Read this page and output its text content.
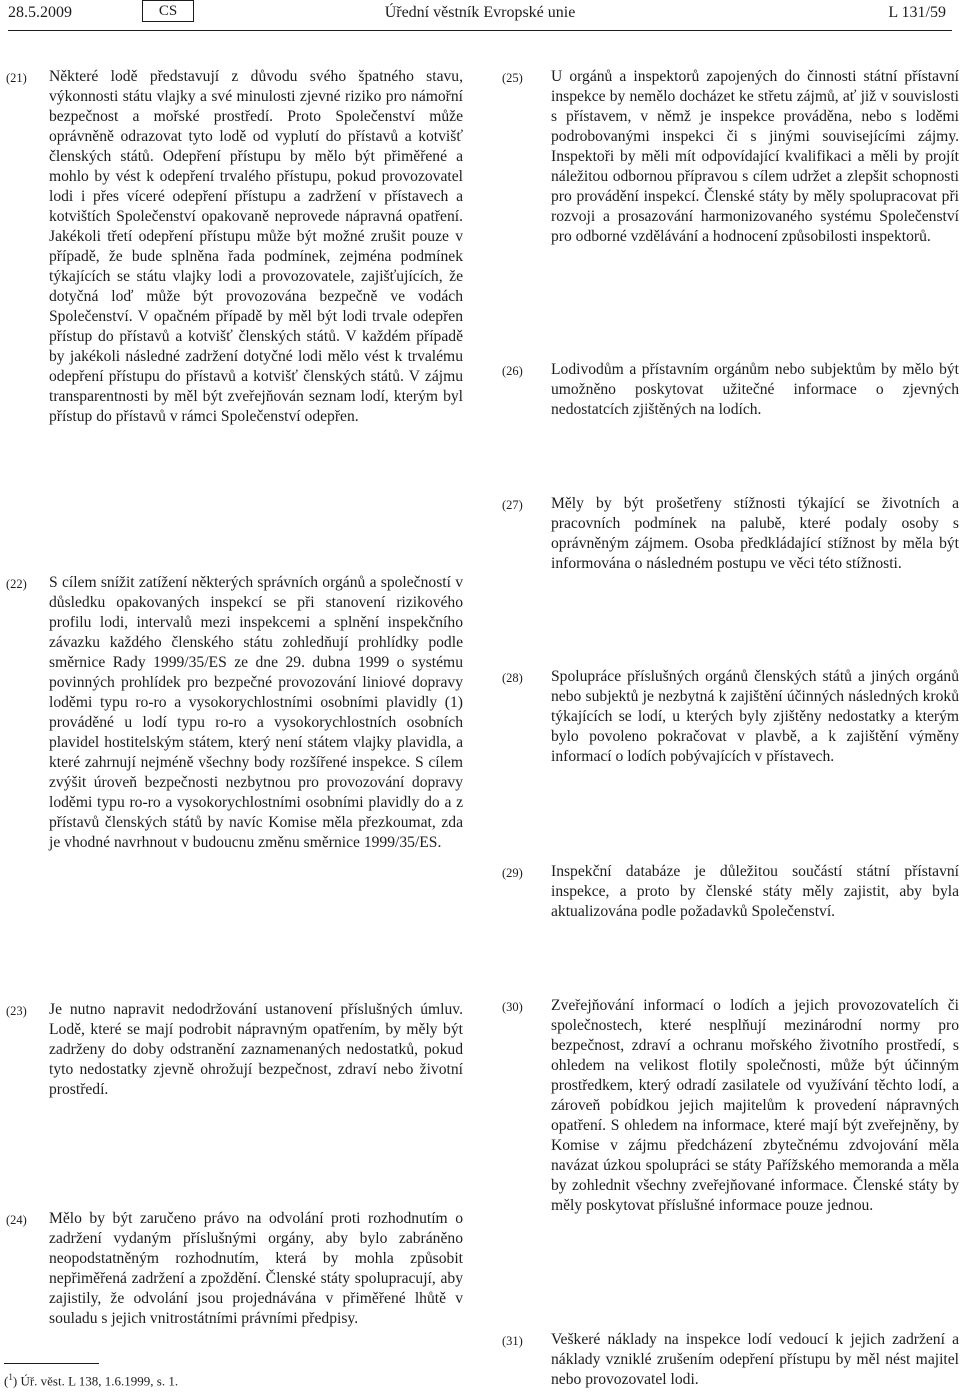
28.5.2009	CS	Úřední věstník Evropské unie	L 131/59
(21) Některé lodě představují z důvodu svého špatného stavu, výkonnosti státu vlajky a své minulosti zjevné riziko pro námořní bezpečnost a mořské prostředí. Proto Společenství může oprávněně odrazovat tyto lodě od vyplutí do přístavů a kotvišť členských států. Odepření přístupu by mělo být přiměřené a mohlo by vést k odepření trvalého přístupu, pokud provozovatel lodi i přes víceré odepření přístupu a zadržení v přístavech a kotvištích Společenství opakovaně neprovede nápravná opatření. Jakékoli třetí odepření přístupu může být možné zrušit pouze v případě, že bude splněna řada podmínek, zejména podmínek týkajících se státu vlajky lodi a provozovatele, zajišťujících, že dotyčná loď může být provozována bezpečně ve vodách Společenství. V opačném případě by měl být lodi trvale odepřen přístup do přístavů a kotvišť členských států. V každém případě by jakékoli následné zadržení dotyčné lodi mělo vést k trvalému odepření přístupu do přístavů a kotvišť členských států. V zájmu transparentnosti by měl být zveřejňován seznam lodí, kterým byl přístup do přístavů v rámci Společenství odepřen.
(22) S cílem snížit zatížení některých správních orgánů a společností v důsledku opakovaných inspekcí se při stanovení rizikového profilu lodi, intervalů mezi inspekcemi a splnění inspekčního závazku každého členského státu zohledňují prohlídky podle směrnice Rady 1999/35/ES ze dne 29. dubna 1999 o systému povinných prohlídek pro bezpečné provozování liniové dopravy loděmi typu ro-ro a vysokorychlostními osobními plavidly (1) prováděné u lodí typu ro-ro a vysokorychlostních osobních plavidel hostitelským státem, který není státem vlajky plavidla, a které zahrnují nejméně všechny body rozšířené inspekce. S cílem zvýšit úroveň bezpečnosti nezbytnou pro provozování dopravy loděmi typu ro-ro a vysokorychlostními osobními plavidly do a z přístavů členských států by navíc Komise měla přezkoumat, zda je vhodné navrhnout v budoucnu změnu směrnice 1999/35/ES.
(23) Je nutno napravit nedodržování ustanovení příslušných úmluv. Lodě, které se mají podrobit nápravným opatřením, by měly být zadrženy do doby odstranění zaznamenaných nedostatků, pokud tyto nedostatky zjevně ohrožují bezpečnost, zdraví nebo životní prostředí.
(24) Mělo by být zaručeno právo na odvolání proti rozhodnutím o zadržení vydaným příslušnými orgány, aby bylo zabráněno neopodstatněným rozhodnutím, která by mohla způsobit nepřiměřená zadržení a zpoždění. Členské státy spolupracují, aby zajistily, že odvolání jsou projednávána v přiměřené lhůtě v souladu s jejich vnitrostátními právními předpisy.
(25) U orgánů a inspektorů zapojených do činnosti státní přístavní inspekce by nemělo docházet ke střetu zájmů, ať již v souvislosti s přístavem, v němž je inspekce prováděna, nebo s loděmi podrobovanými inspekci či s jinými souvisejícími zájmy. Inspektoři by měli mít odpovídající kvalifikaci a měli by projít náležitou odbornou přípravou s cílem udržet a zlepšit schopnosti pro provádění inspekcí. Členské státy by měly spolupracovat při rozvoji a prosazování harmonizovaného systému Společenství pro odborné vzdělávání a hodnocení způsobilosti inspektorů.
(26) Lodivodům a přístavním orgánům nebo subjektům by mělo být umožněno poskytovat užitečné informace o zjevných nedostatcích zjištěných na lodích.
(27) Měly by být prošetřeny stížnosti týkající se životních a pracovních podmínek na palubě, které podaly osoby s oprávněným zájmem. Osoba předkládající stížnost by měla být informována o následném postupu ve věci této stížnosti.
(28) Spolupráce příslušných orgánů členských států a jiných orgánů nebo subjektů je nezbytná k zajištění účinných následných kroků týkajících se lodí, u kterých byly zjištěny nedostatky a kterým bylo povoleno pokračovat v plavbě, a k zajištění výměny informací o lodích pobývajících v přístavech.
(29) Inspekční databáze je důležitou součástí státní přístavní inspekce, a proto by členské státy měly zajistit, aby byla aktualizována podle požadavků Společenství.
(30) Zveřejňování informací o lodích a jejich provozovatelích či společnostech, které nesplňují mezinárodní normy pro bezpečnost, zdraví a ochranu mořského životního prostředí, s ohledem na velikost flotily společnosti, může být účinným prostředkem, který odradí zasilatele od využívání těchto lodí, a zároveň pobídkou jejich majitelům k provedení nápravných opatření. S ohledem na informace, které mají být zveřejněny, by Komise v zájmu předcházení zbytečnému zdvojování měla navázat úzkou spolupráci se státy Pařížského memoranda a měla by zohlednit všechny zveřejňované informace. Členské státy by měly poskytovat příslušné informace pouze jednou.
(31) Veškeré náklady na inspekce lodí vedoucí k jejich zadržení a náklady vzniklé zrušením odepření přístupu by měl nést majitel nebo provozovatel lodi.
($^1$) Úř. věst. L 138, 1.6.1999, s. 1.
